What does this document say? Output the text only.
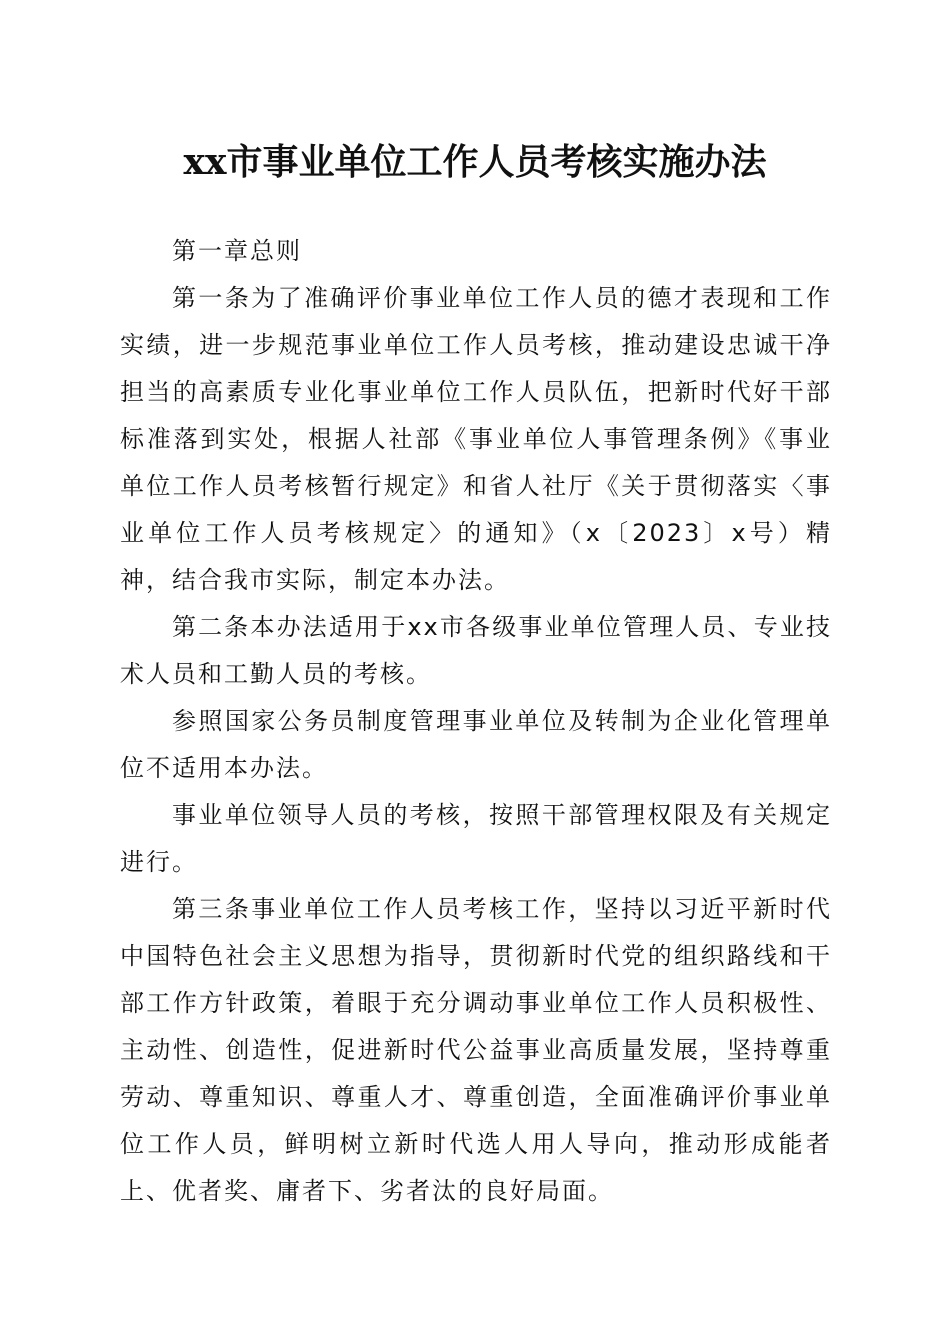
xx市事业单位工作人员考核实施办法

第一章总则

第一条为了准确评价事业单位工作人员的德才表现和工作实绩，进一步规范事业单位工作人员考核，推动建设忠诚干净担当的高素质专业化事业单位工作人员队伍，把新时代好干部标准落到实处，根据人社部《事业单位人事管理条例》《事业单位工作人员考核暂行规定》和省人社厅《关于贯彻落实〈事业单位工作人员考核规定〉的通知》（x〔2023〕x号）精神，结合我市实际，制定本办法。

第二条本办法适用于xx市各级事业单位管理人员、专业技术人员和工勤人员的考核。

参照国家公务员制度管理事业单位及转制为企业化管理单位不适用本办法。

事业单位领导人员的考核，按照干部管理权限及有关规定进行。

第三条事业单位工作人员考核工作，坚持以习近平新时代中国特色社会主义思想为指导，贯彻新时代党的组织路线和干部工作方针政策，着眼于充分调动事业单位工作人员积极性、主动性、创造性，促进新时代公益事业高质量发展，坚持尊重劳动、尊重知识、尊重人才、尊重创造，全面准确评价事业单位工作人员，鲜明树立新时代选人用人导向，推动形成能者上、优者奖、庸者下、劣者汰的良好局面。
